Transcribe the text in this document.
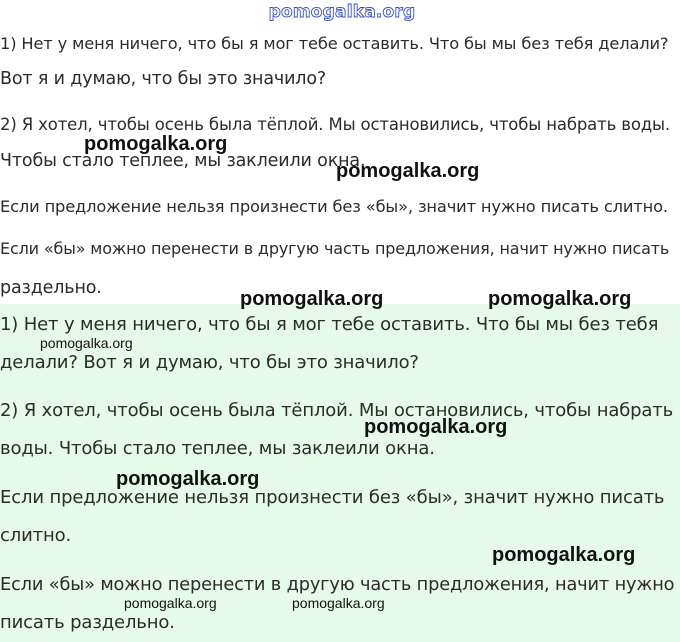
pomogalka.org
1) Нет у меня ничего, что бы я мог тебе оставить. Что бы мы без тебя делали?
Вот я и думаю, что бы это значило?
2) Я хотел, чтобы осень была тёплой. Мы остановились, чтобы набрать воды.
Чтобы стало теплее, мы заклеили окна.
Если предложение нельзя произнести без «бы», значит нужно писать слитно.
Если «бы» можно перенести в другую часть предложения, начит нужно писать
раздельно.
1) Нет у меня ничего, что бы я мог тебе оставить. Что бы мы без тебя
делали? Вот я и думаю, что бы это значило?
2) Я хотел, чтобы осень была тёплой. Мы остановились, чтобы набрать
воды. Чтобы стало теплее, мы заклеили окна.
Если предложение нельзя произнести без «бы», значит нужно писать
слитно.
Если «бы» можно перенести в другую часть предложения, начит нужно
писать раздельно.
pomogalka.org
pomogalka.org
pomogalka.org	pomogalka.org
pomogalka.org
pomogalka.org
pomogalka.org
pomogalka.org
pomogalka.org	pomogalka.org
